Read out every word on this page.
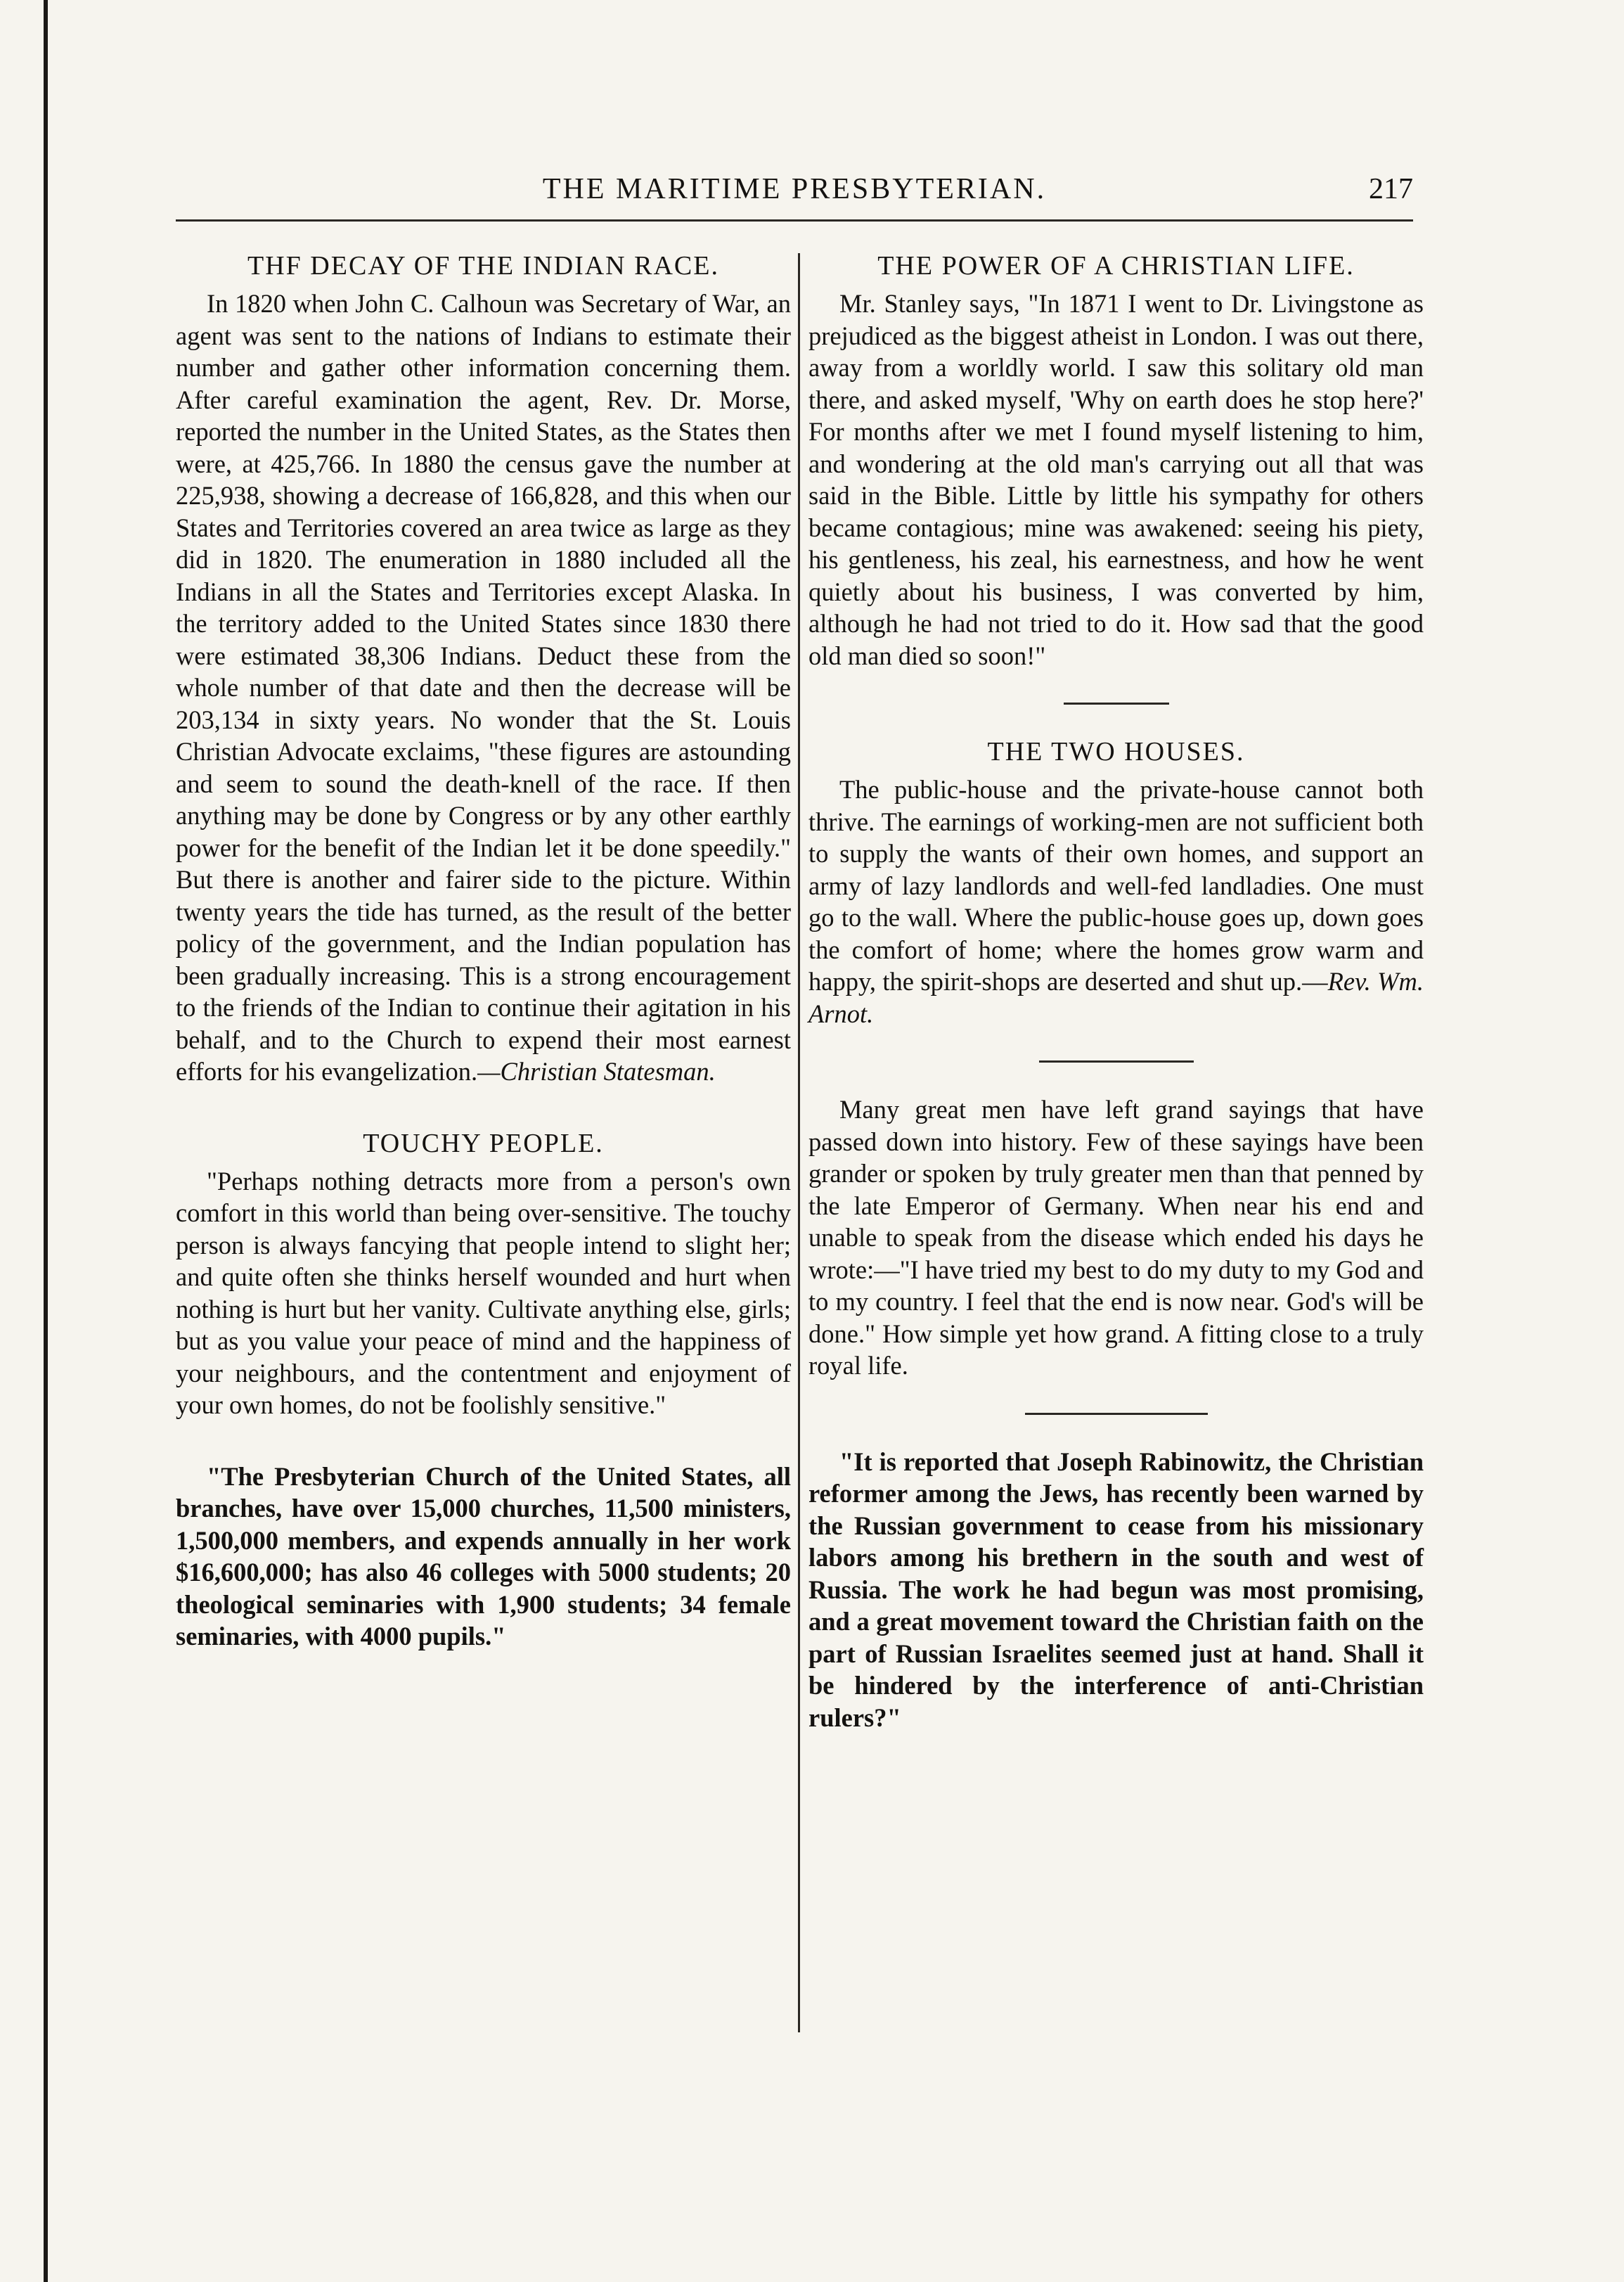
THE MARITIME PRESBYTERIAN.	217
THF DECAY OF THE INDIAN RACE.

In 1820 when John C. Calhoun was Secretary of War, an agent was sent to the nations of Indians to estimate their number and gather other information concerning them. After careful examination the agent, Rev. Dr. Morse, reported the number in the United States, as the States then were, at 425,766. In 1880 the census gave the number at 225,938, showing a decrease of 166,828, and this when our States and Territories covered an area twice as large as they did in 1820. The enumeration in 1880 included all the Indians in all the States and Territories except Alaska. In the territory added to the United States since 1830 there were estimated 38,306 Indians. Deduct these from the whole number of that date and then the decrease will be 203,134 in sixty years. No wonder that the St. Louis Christian Advocate exclaims, "these figures are astounding and seem to sound the death-knell of the race. If then anything may be done by Congress or by any other earthly power for the benefit of the Indian let it be done speedily." But there is another and fairer side to the picture. Within twenty years the tide has turned, as the result of the better policy of the government, and the Indian population has been gradually increasing. This is a strong encouragement to the friends of the Indian to continue their agitation in his behalf, and to the Church to expend their most earnest efforts for his evangelization.—Christian Statesman.

TOUCHY PEOPLE.

"Perhaps nothing detracts more from a person's own comfort in this world than being over-sensitive. The touchy person is always fancying that people intend to slight her; and quite often she thinks herself wounded and hurt when nothing is hurt but her vanity. Cultivate anything else, girls; but as you value your peace of mind and the happiness of your neighbours, and the contentment and enjoyment of your own homes, do not be foolishly sensitive."

"The Presbyterian Church of the United States, all branches, have over 15,000 churches, 11,500 ministers, 1,500,000 members, and expends annually in her work $16,600,000; has also 46 colleges with 5000 students; 20 theological seminaries with 1,900 students; 34 female seminaries, with 4000 pupils."

THE POWER OF A CHRISTIAN LIFE.

Mr. Stanley says, "In 1871 I went to Dr. Livingstone as prejudiced as the biggest atheist in London. I was out there, away from a worldly world. I saw this solitary old man there, and asked myself, 'Why on earth does he stop here?' For months after we met I found myself listening to him, and wondering at the old man's carrying out all that was said in the Bible. Little by little his sympathy for others became contagious; mine was awakened: seeing his piety, his gentleness, his zeal, his earnestness, and how he went quietly about his business, I was converted by him, although he had not tried to do it. How sad that the good old man died so soon!"

THE TWO HOUSES.

The public-house and the private-house cannot both thrive. The earnings of working-men are not sufficient both to supply the wants of their own homes, and support an army of lazy landlords and well-fed landladies. One must go to the wall. Where the public-house goes up, down goes the comfort of home; where the homes grow warm and happy, the spirit-shops are deserted and shut up.—Rev. Wm. Arnot.

Many great men have left grand sayings that have passed down into history. Few of these sayings have been grander or spoken by truly greater men than that penned by the late Emperor of Germany. When near his end and unable to speak from the disease which ended his days he wrote:—"I have tried my best to do my duty to my God and to my country. I feel that the end is now near. God's will be done." How simple yet how grand. A fitting close to a truly royal life.

"It is reported that Joseph Rabinowitz, the Christian reformer among the Jews, has recently been warned by the Russian government to cease from his missionary labors among his brethern in the south and west of Russia. The work he had begun was most promising, and a great movement toward the Christian faith on the part of Russian Israelites seemed just at hand. Shall it be hindered by the interference of anti-Christian rulers?"
